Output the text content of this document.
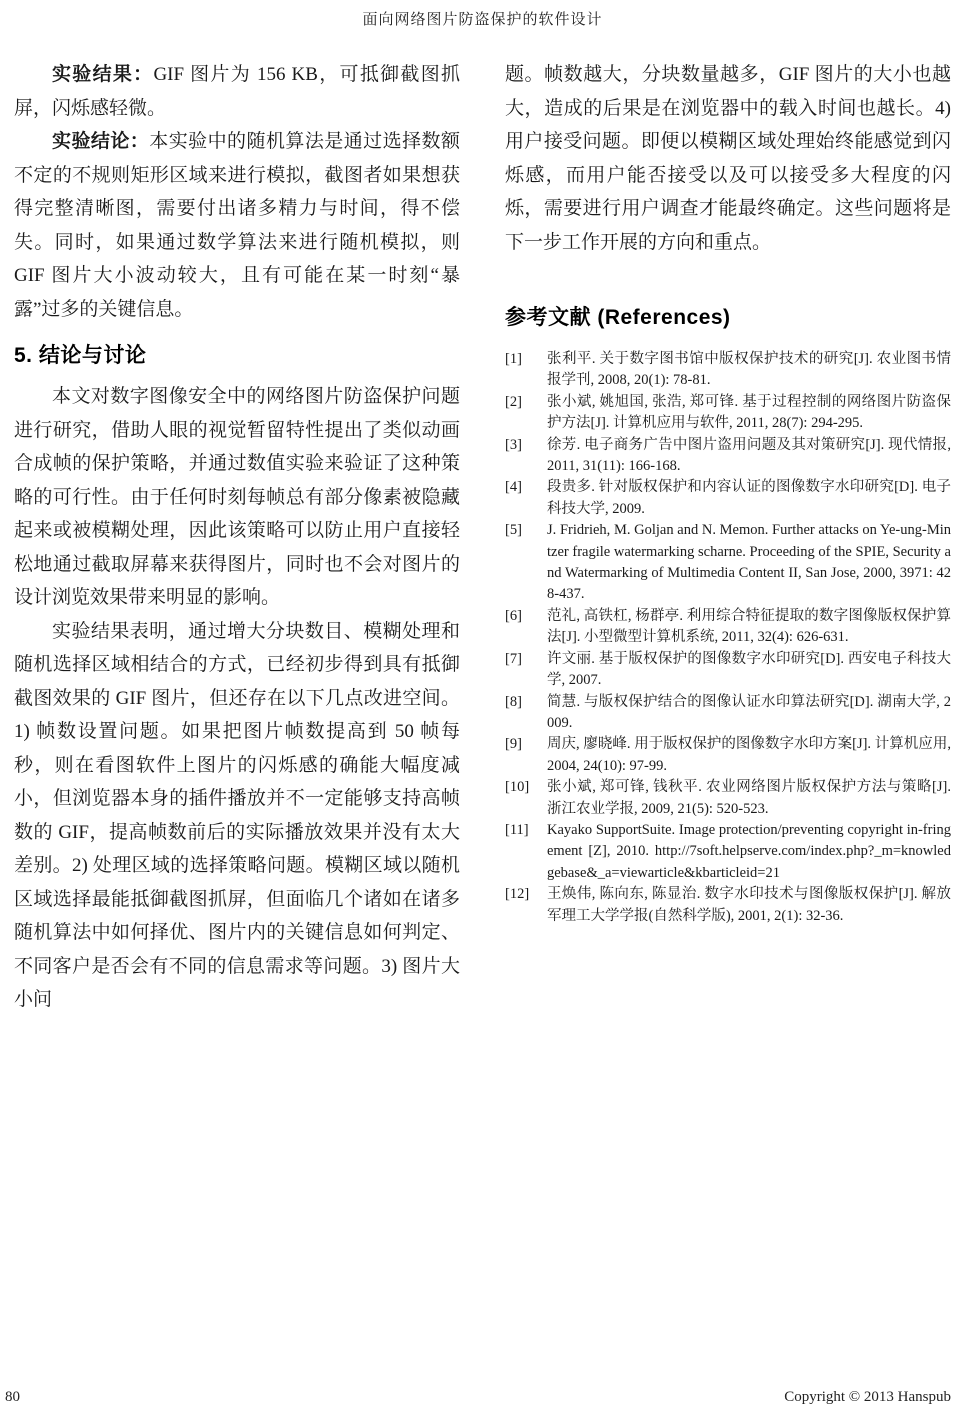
面向网络图片防盗保护的软件设计

实验结果：GIF 图片为 156 KB，可抵御截图抓屏，闪烁感轻微。

实验结论：本实验中的随机算法是通过选择数额不定的不规则矩形区域来进行模拟，截图者如果想获得完整清晰图，需要付出诸多精力与时间，得不偿失。同时，如果通过数学算法来进行随机模拟，则 GIF 图片大小波动较大，且有可能在某一时刻“暴露”过多的关键信息。

5. 结论与讨论

本文对数字图像安全中的网络图片防盗保护问题进行研究，借助人眼的视觉暂留特性提出了类似动画合成帧的保护策略，并通过数值实验来验证了这种策略的可行性。由于任何时刻每帧总有部分像素被隐藏起来或被模糊处理，因此该策略可以防止用户直接轻松地通过截取屏幕来获得图片，同时也不会对图片的设计浏览效果带来明显的影响。

实验结果表明，通过增大分块数目、模糊处理和随机选择区域相结合的方式，已经初步得到具有抵御截图效果的 GIF 图片，但还存在以下几点改进空间。1) 帧数设置问题。如果把图片帧数提高到 50 帧每秒，则在看图软件上图片的闪烁感的确能大幅度减小，但浏览器本身的插件播放并不一定能够支持高帧数的 GIF，提高帧数前后的实际播放效果并没有太大差别。2) 处理区域的选择策略问题。模糊区域以随机区域选择最能抵御截图抓屏，但面临几个诸如在诸多随机算法中如何择优、图片内的关键信息如何判定、不同客户是否会有不同的信息需求等问题。3) 图片大小问

题。帧数越大，分块数量越多，GIF 图片的大小也越大，造成的后果是在浏览器中的载入时间也越长。4) 用户接受问题。即便以模糊区域处理始终能感觉到闪烁感，而用户能否接受以及可以接受多大程度的闪烁，需要进行用户调查才能最终确定。这些问题将是下一步工作开展的方向和重点。

参考文献 (References)
[1]	张利平. 关于数字图书馆中版权保护技术的研究[J]. 农业图书情报学刊, 2008, 20(1): 78-81.
[2]	张小斌, 姚旭国, 张浩, 郑可锋. 基于过程控制的网络图片防盗保护方法[J]. 计算机应用与软件, 2011, 28(7): 294-295.
[3]	徐芳. 电子商务广告中图片盗用问题及其对策研究[J]. 现代情报, 2011, 31(11): 166-168.
[4]	段贵多. 针对版权保护和内容认证的图像数字水印研究[D]. 电子科技大学, 2009.
[5]	J. Fridrieh, M. Goljan and N. Memon. Further attacks on Ye-ung-Mintzer fragile watermarking scharne. Proceeding of the SPIE, Security and Watermarking of Multimedia Content II, San Jose, 2000, 3971: 428-437.
[6]	范礼, 高铁杠, 杨群亭. 利用综合特征提取的数字图像版权保护算法[J]. 小型微型计算机系统, 2011, 32(4): 626-631.
[7]	许文丽. 基于版权保护的图像数字水印研究[D]. 西安电子科技大学, 2007.
[8]	简慧. 与版权保护结合的图像认证水印算法研究[D]. 湖南大学, 2009.
[9]	周庆, 廖晓峰. 用于版权保护的图像数字水印方案[J]. 计算机应用, 2004, 24(10): 97-99.
[10]	张小斌, 郑可锋, 钱秋平. 农业网络图片版权保护方法与策略[J]. 浙江农业学报, 2009, 21(5): 520-523.
[11]	Kayako SupportSuite. Image protection/preventing copyright in-fringement [Z], 2010. http://7soft.helpserve.com/index.php?_m=knowledgebase&_a=viewarticle&kbarticleid=21
[12]	王焕伟, 陈向东, 陈显治. 数字水印技术与图像版权保护[J]. 解放军理工大学学报(自然科学版), 2001, 2(1): 32-36.
80	Copyright © 2013 Hanspub
